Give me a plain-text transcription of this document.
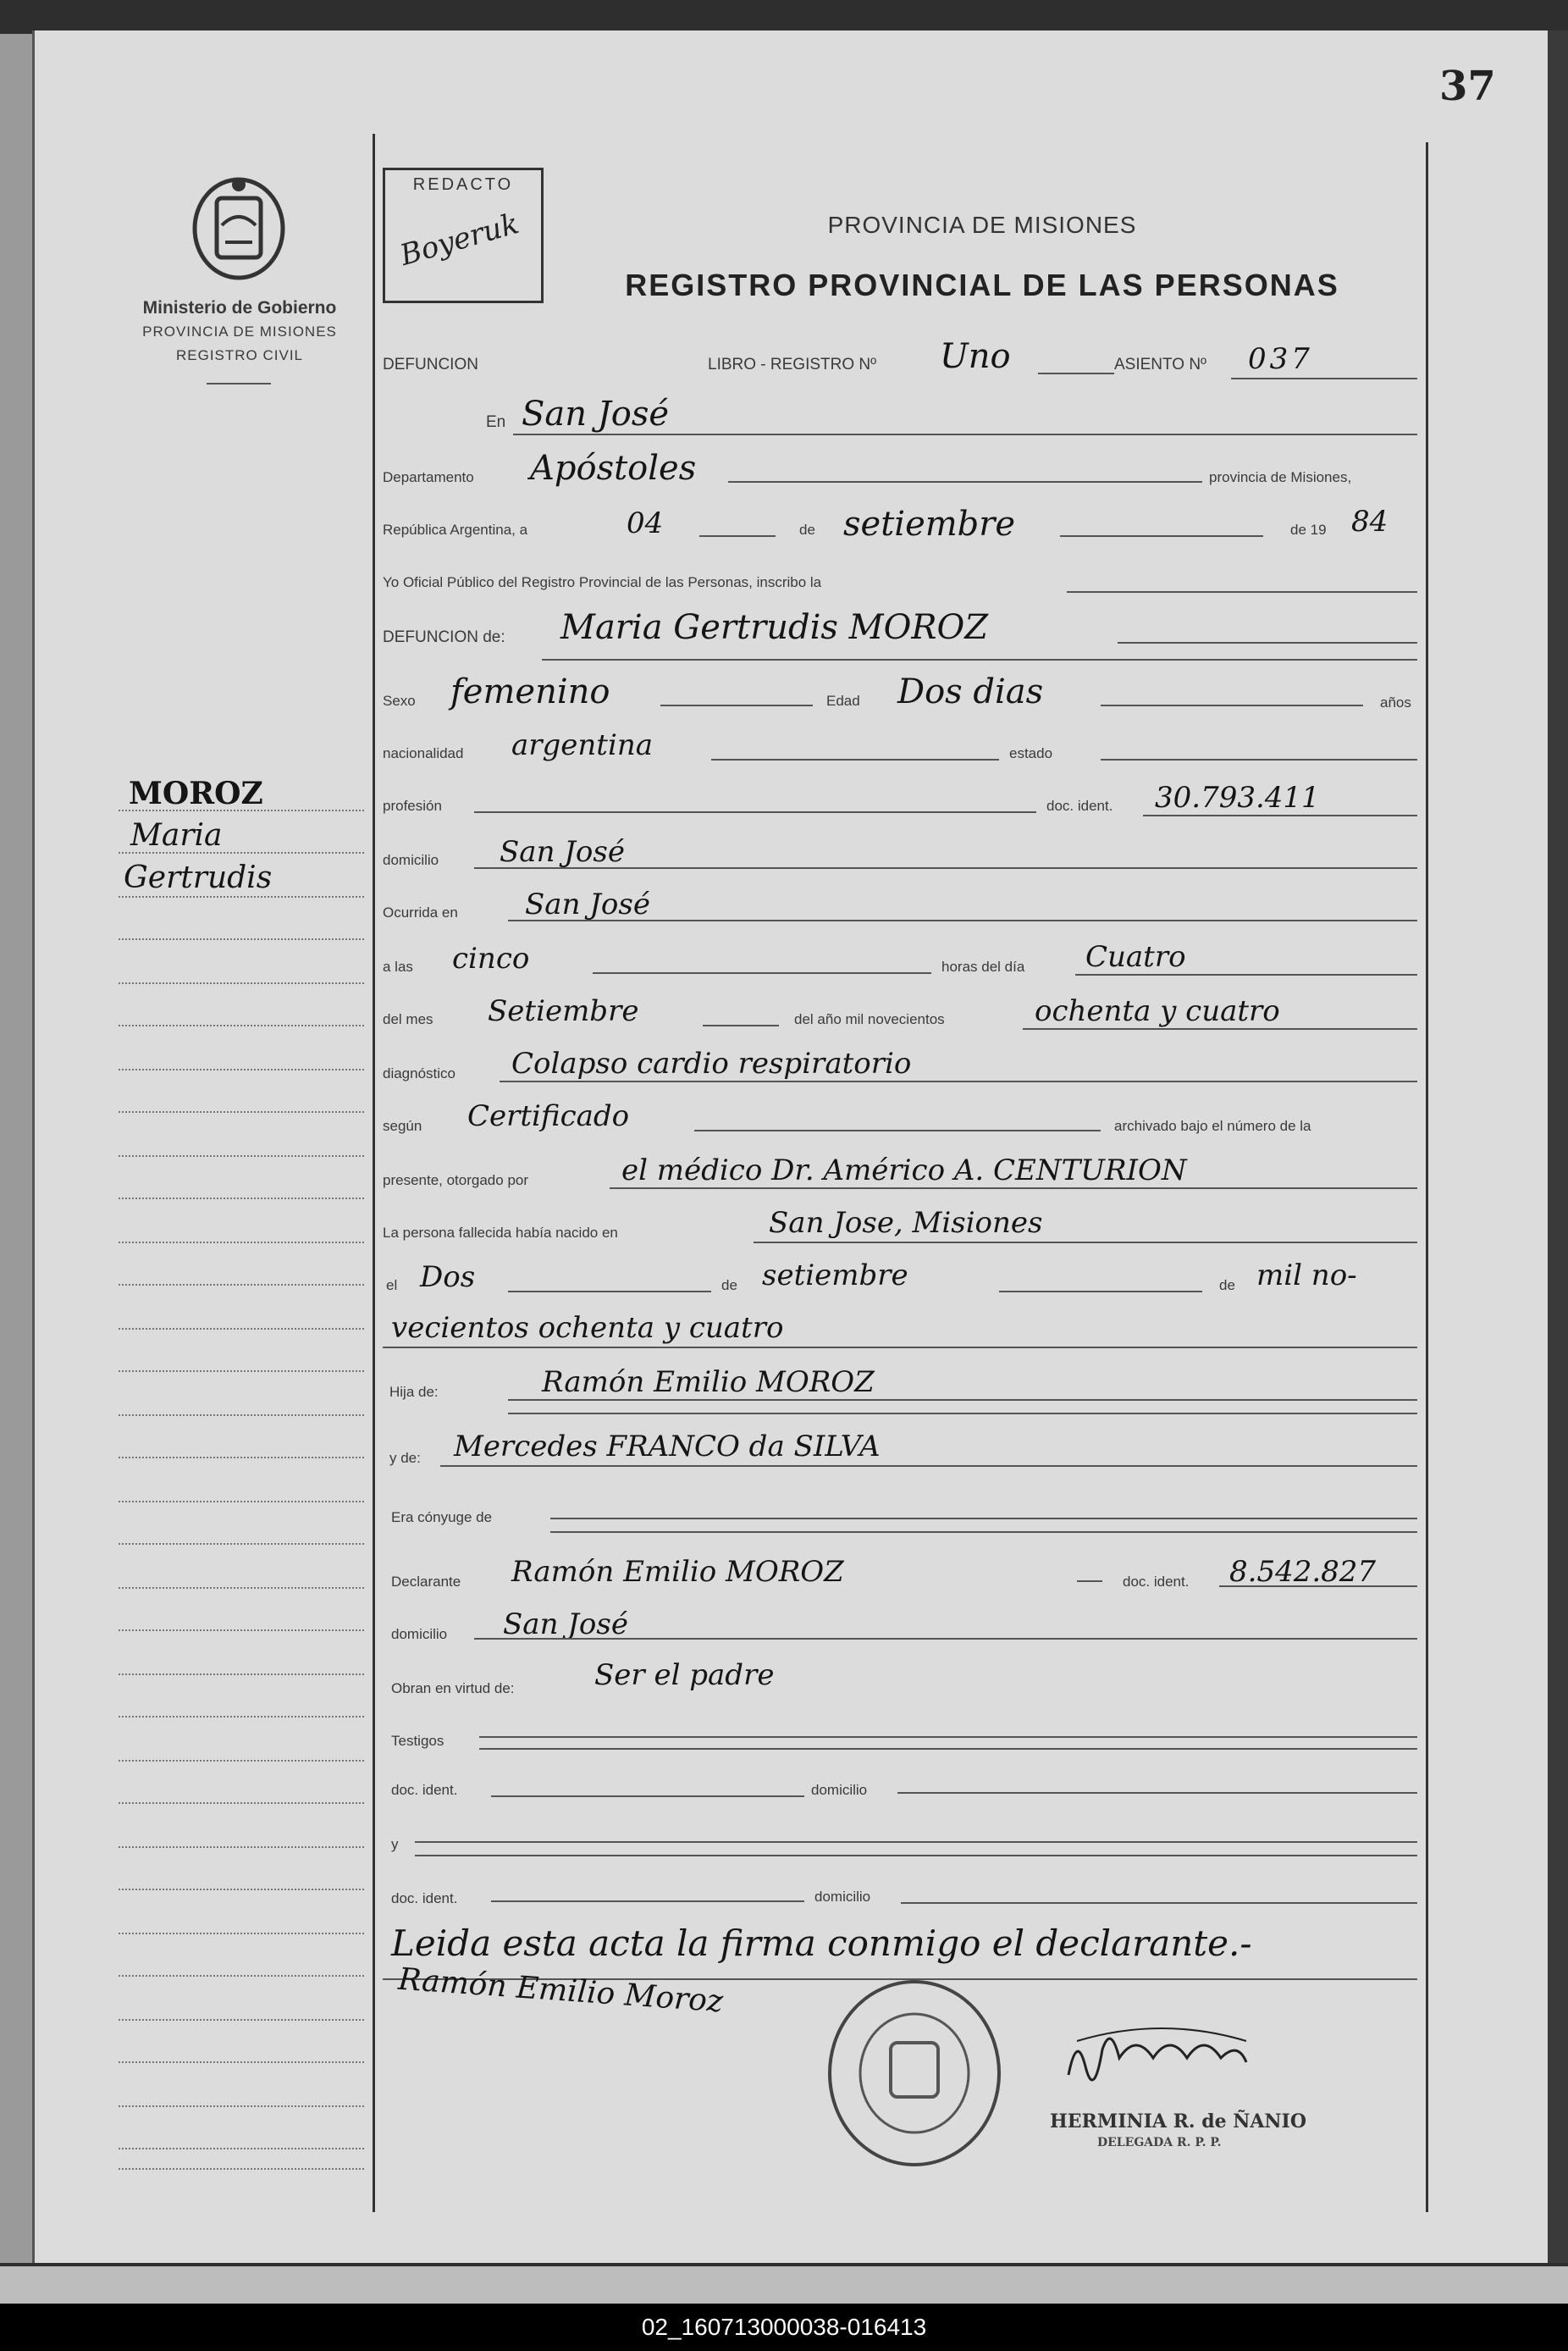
37
Ministerio de Gobierno
PROVINCIA DE MISIONES
REGISTRO CIVIL
REDACTO
Boyeruk	PROVINCIA DE MISIONES
REGISTRO PROVINCIAL DE LAS PERSONAS
DEFUNCION	LIBRO - REGISTRO Nº Uno	ASIENTO Nº 037
En San José
Departamento Apóstoles	provincia de Misiones,
República Argentina, a	04	de setiembre	de 19 84
Yo Oficial Público del Registro Provincial de las Personas, inscribo la
DEFUNCION de: Maria Gertrudis MOROZ
Sexo femenino	Edad Dos dias	años
nacionalidad argentina	estado
profesión	doc. ident. 30.793.411
domicilio San José
Ocurrida en San José
a las cinco	horas del día Cuatro
del mes Setiembre	del año mil novecientos	ochenta y cuatro
diagnóstico Colapso cardio respiratorio
según Certificado	archivado bajo el número de la
presente, otorgado por	el médico Dr. Américo A. CENTURION
La persona fallecida había nacido en	San Jose, Misiones
el Dos	de setiembre	de mil no-
vecientos ochenta y cuatro
Hija de:	Ramón Emilio MOROZ
y de: Mercedes FRANCO da SILVA
Era cónyuge de
Declarante Ramón Emilio MOROZ	doc. ident. 8.542.827
domicilio San José
Obran en virtud de:	Ser el padre
Testigos
doc. ident.	domicilio
y
doc. ident.	domicilio
Leida esta acta la firma conmigo el declarante.-
Ramón Emilio Moroz
HERMINIA R. de ÑANIO
DELEGADA R. P. P.
MOROZ
Maria
Gertrudis
02_160713000038-016413
